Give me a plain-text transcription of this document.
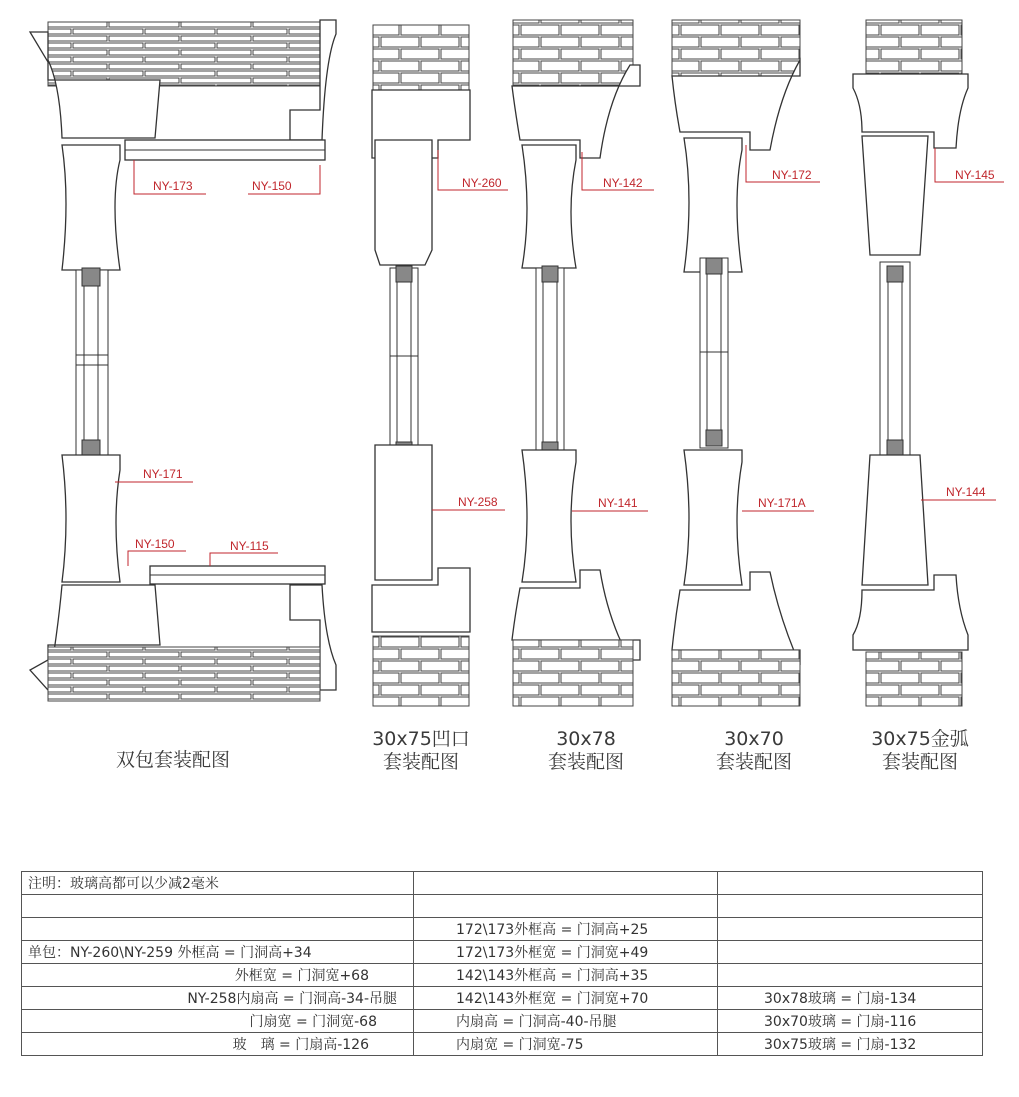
NY-173	NY-150
NY-171
NY-150	NY-115
NY-260
NY-258
NY-142
NY-141
NY-172
NY-171A
NY-145
NY-144
双包套装配图
30x75凹口
套装配图
30x78
套装配图
30x70
套装配图
30x75金弧
套装配图
注明：玻璃高都可以少减2毫米		

	172\173外框高 = 门洞高+25	
单包：NY-260\NY-259 外框高 = 门洞高+34	172\173外框宽 = 门洞宽+49	
外框宽 = 门洞宽+68	142\143外框高 = 门洞高+35	
NY-258内扇高 = 门洞高-34-吊腿	142\143外框宽 = 门洞宽+70	30x78玻璃 = 门扇-134
门扇宽 = 门洞宽-68	内扇高 = 门洞高-40-吊腿	30x70玻璃 = 门扇-116
玻　璃 = 门扇高-126	内扇宽 = 门洞宽-75	30x75玻璃 = 门扇-132
